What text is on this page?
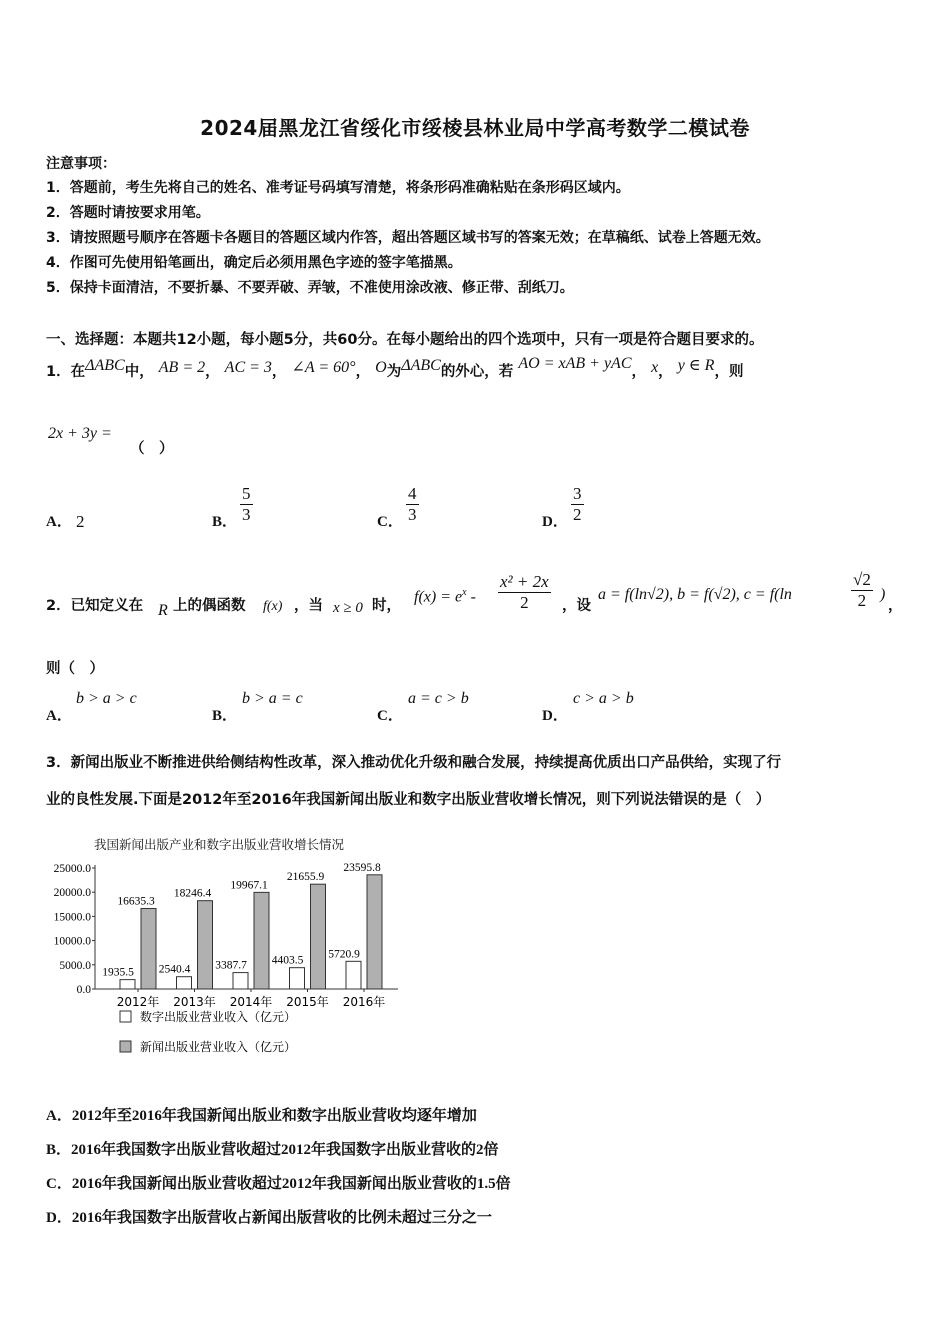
2024届黑龙江省绥化市绥棱县林业局中学高考数学二模试卷
注意事项：
1．答题前，考生先将自己的姓名、准考证号码填写清楚，将条形码准确粘贴在条形码区域内。
2．答题时请按要求用笔。
3．请按照题号顺序在答题卡各题目的答题区域内作答，超出答题区域书写的答案无效；在草稿纸、试卷上答题无效。
4．作图可先使用铅笔画出，确定后必须用黑色字迹的签字笔描黑。
5．保持卡面清洁，不要折暴、不要弄破、弄皱，不准使用涂改液、修正带、刮纸刀。
一、选择题：本题共12小题，每小题5分，共60分。在每小题给出的四个选项中，只有一项是符合题目要求的。
1．在ΔABC中， AB = 2， AC = 3， ∠A = 60°， O为ΔABC的外心，若 AO = xAB + yAC， x， y ∈ R，则
2x + 3y =
（　）
A． 2	B． $\frac{5}{3}$	C． $\frac{4}{3}$	D． $\frac{3}{2}$
2．已知定义在 R 上的偶函数 f(x) ，当 x ≥ 0 时，
$f(x) = e^x - \frac{\text{x² + 2x}}{2}$ ，设
a = f(ln√2), b = f(√2), c = f(ln	$\frac{√2}{2}$ )
，
则（　）
A．
b > a > c
B．
b > a = c
C．
a = c > b
D．
c > a > b
3．新闻出版业不断推进供给侧结构性改革，深入推动优化升级和融合发展，持续提高优质出口产品供给，实现了行
业的良性发展.下面是2012年至2016年我国新闻出版业和数字出版业营收增长情况，则下列说法错误的是（　）
我国新闻出版产业和数字出版业营收增长情况
25000.0
20000.0
15000.0
10000.0
5000.0
0.0
1935.5
16635.3
2012年
2540.4
18246.4
2013年
3387.7
19967.1
2014年
4403.5
21655.9
2015年
5720.9
23595.8
2016年
数字出版业营业收入（亿元）
新闻出版业营业收入（亿元）
A．2012年至2016年我国新闻出版业和数字出版业营收均逐年增加
B．2016年我国数字出版业营收超过2012年我国数字出版业营收的2倍
C．2016年我国新闻出版业营收超过2012年我国新闻出版业营收的1.5倍
D．2016年我国数字出版营收占新闻出版营收的比例未超过三分之一
